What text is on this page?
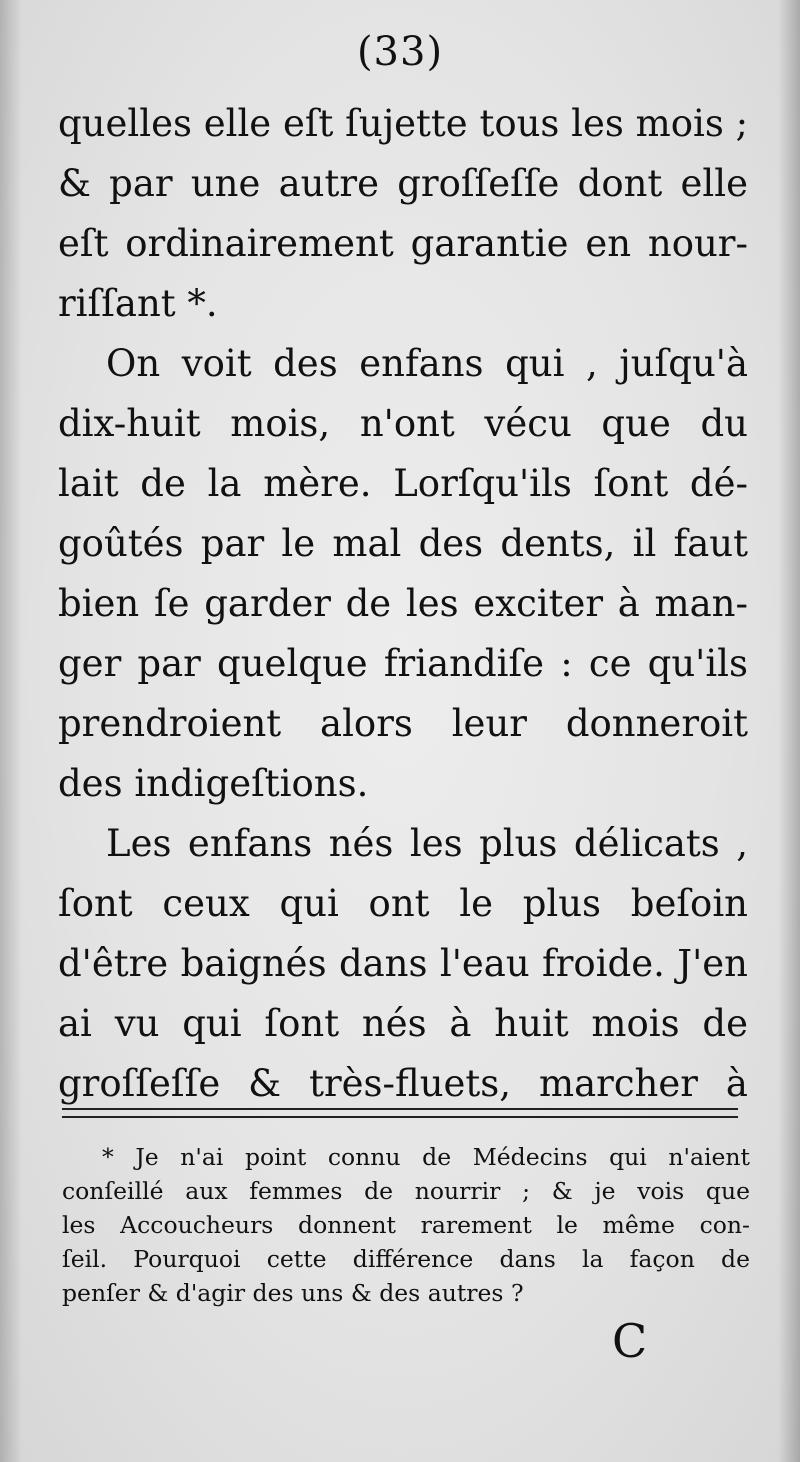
(33)
quelles elle eſt ſujette tous les mois ;
& par une autre groſſeſſe dont elle
eſt ordinairement garantie en nour-
riſſant *.
On voit des enfans qui , juſqu'à
dix-huit mois, n'ont vécu que du
lait de la mère. Lorſqu'ils ſont dé-
goûtés par le mal des dents, il faut
bien ſe garder de les exciter à man-
ger par quelque friandiſe : ce qu'ils
prendroient alors leur donneroit
des indigeſtions.
Les enfans nés les plus délicats ,
ſont ceux qui ont le plus beſoin
d'être baignés dans l'eau froide. J'en
ai vu qui ſont nés à huit mois de
groſſeſſe & très-fluets, marcher à
* Je n'ai point connu de Médecins qui n'aient
conſeillé aux femmes de nourrir ; & je vois que
les Accoucheurs donnent rarement le même con-
ſeil. Pourquoi cette différence dans la façon de
penſer & d'agir des uns & des autres ?
C
